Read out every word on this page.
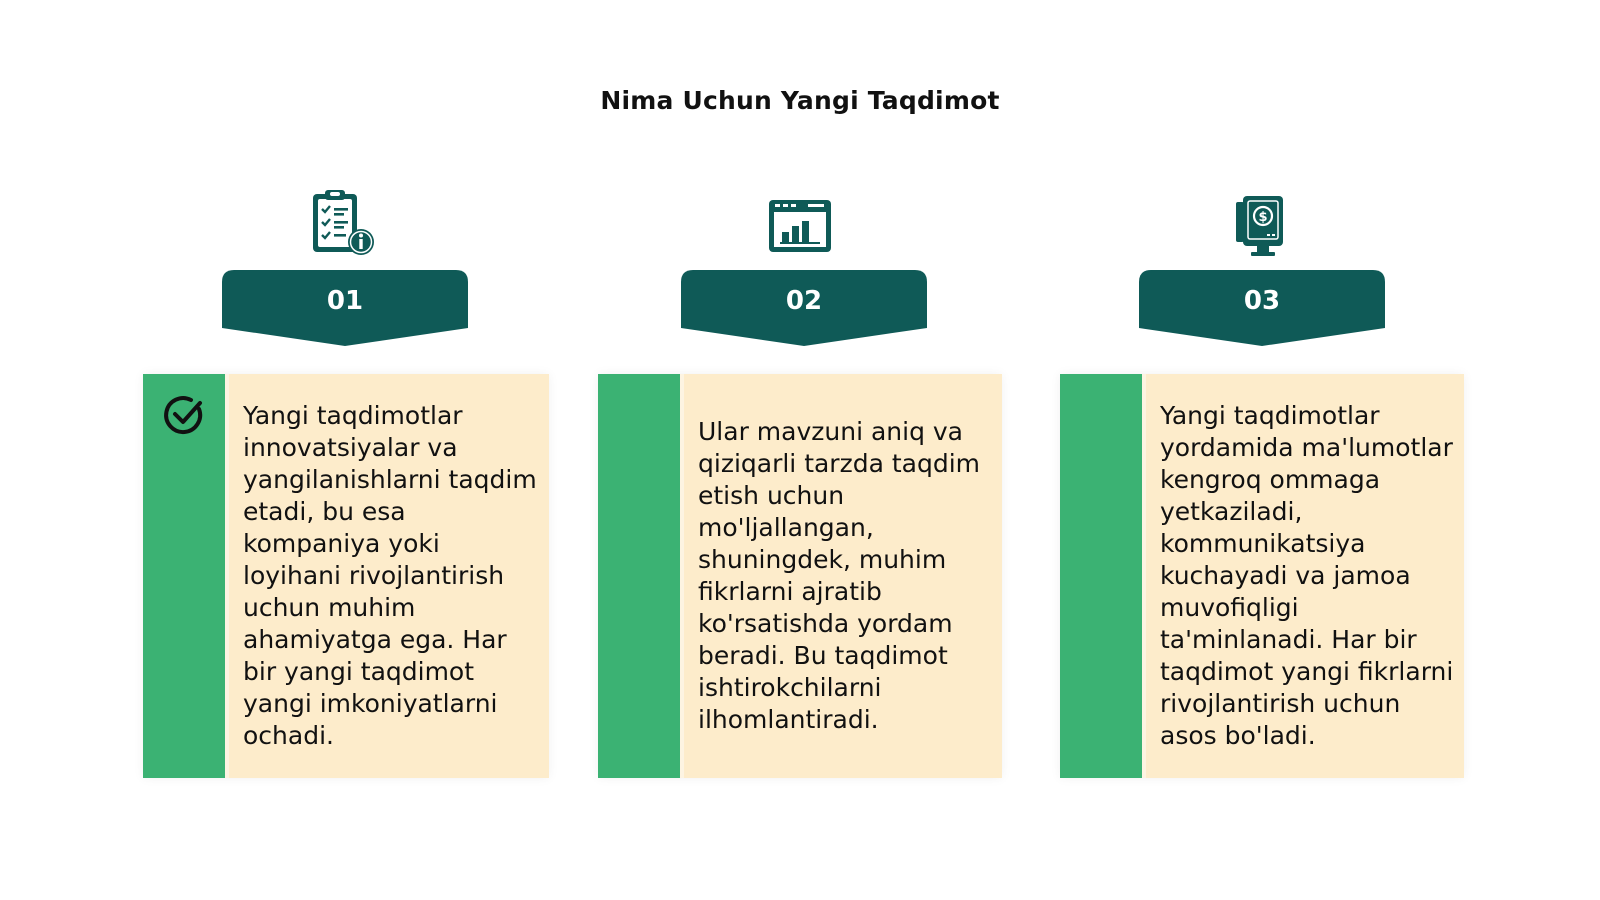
Nima Uchun Yangi Taqdimot
01
Yangi taqdimotlar innovatsiyalar va yangilanishlarni taqdim etadi, bu esa kompaniya yoki loyihani rivojlantirish uchun muhim ahamiyatga ega. Har bir yangi taqdimot yangi imkoniyatlarni ochadi.
02
Ular mavzuni aniq va qiziqarli tarzda taqdim etish uchun mo'ljallangan, shuningdek, muhim fikrlarni ajratib ko'rsatishda yordam beradi. Bu taqdimot ishtirokchilarni ilhomlantiradi.
$
03
Yangi taqdimotlar yordamida ma'lumotlar kengroq ommaga yetkaziladi, kommunikatsiya kuchayadi va jamoa muvofiqligi ta'minlanadi. Har bir taqdimot yangi fikrlarni rivojlantirish uchun asos bo'ladi.
